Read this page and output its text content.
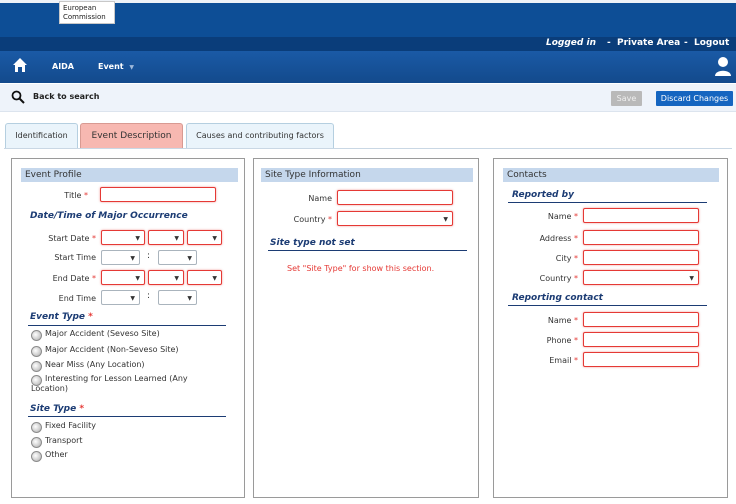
European
Commission
Logged in - Private Area - Logout
AIDA	Event ▼
Back to search	Save	Discard Changes
Identification	Event Description	Causes and contributing factors
Event Profile
Title *
Date/Time of Major Occurrence
Start Date *	▼	▼	▼
Start Time	▼ :	▼
End Date *	▼	▼	▼
End Time	▼ :	▼
Event Type *
Major Accident (Seveso Site)
Major Accident (Non-Seveso Site)
Near Miss (Any Location)
Interesting for Lesson Learned (Any
Location)
Site Type *
Fixed Facility
Transport
Other
Site Type Information
Name
Country *	▼
Site type not set
Set "Site Type" for show this section.
Contacts
Reported by
Name *
Address *
City *
Country *	▼
Reporting contact
Name *
Phone *
Email *
